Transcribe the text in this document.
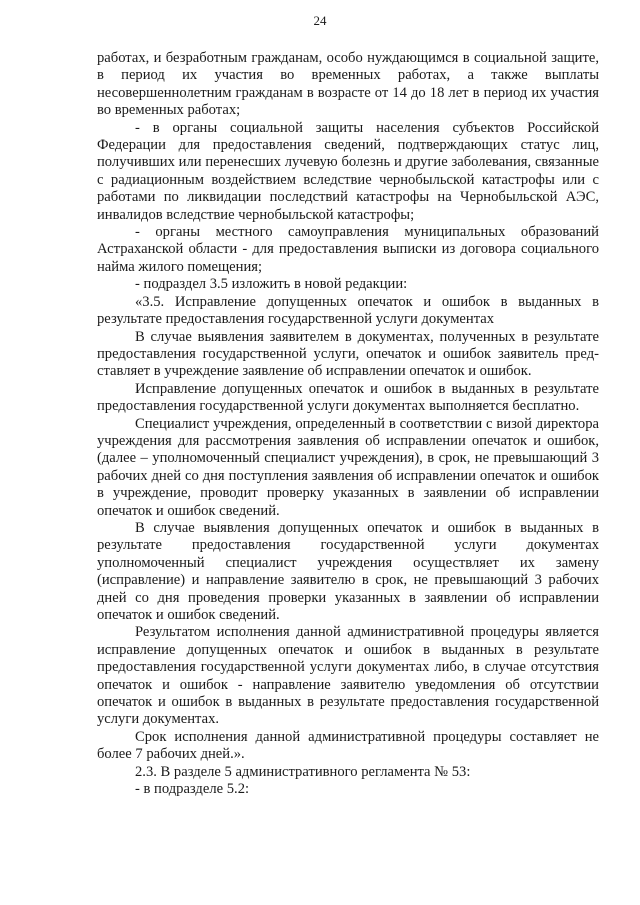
24

работах, и безработным гражданам, особо нуждающимся в социальной защите, в период их участия во временных работах, а также выплаты несовершеннолетним гражданам в возрасте от 14 до 18 лет в период их участия во временных работах;

- в органы социальной защиты населения субъектов Российской Федерации для предоставления сведений, подтверждающих статус лиц, получивших или перенесших лучевую болезнь и другие заболевания, связанные с радиационным воздействием вследствие чернобыльской катастрофы или с работами по ликвидации последствий катастрофы на Чернобыльской АЭС, инвалидов вследствие чернобыльской катастрофы;

- органы местного самоуправления муниципальных образований Астраханской области - для предоставления выписки из договора социального найма жилого помещения;

- подраздел 3.5 изложить в новой редакции:

«3.5. Исправление допущенных опечаток и ошибок в выданных в результате предоставления государственной услуги документах

В случае выявления заявителем в документах, полученных в результате предоставления государственной услуги, опечаток и ошибок заявитель представляет в учреждение заявление об исправлении опечаток и ошибок.

Исправление допущенных опечаток и ошибок в выданных в результате предоставления государственной услуги документах выполняется бесплатно.

Специалист учреждения, определенный в соответствии с визой директора учреждения для рассмотрения заявления об исправлении опечаток и ошибок, (далее – уполномоченный специалист учреждения), в срок, не превышающий 3 рабочих дней со дня поступления заявления об исправлении опечаток и ошибок в учреждение, проводит проверку указанных в заявлении об исправлении опечаток и ошибок сведений.

В случае выявления допущенных опечаток и ошибок в выданных в результате предоставления государственной услуги документах уполномоченный специалист учреждения осуществляет их замену (исправление) и направление заявителю в срок, не превышающий 3 рабочих дней со дня проведения проверки указанных в заявлении об исправлении опечаток и ошибок сведений.

Результатом исполнения данной административной процедуры является исправление допущенных опечаток и ошибок в выданных в результате предоставления государственной услуги документах либо, в случае отсутствия опечаток и ошибок - направление заявителю уведомления об отсутствии опечаток и ошибок в выданных в результате предоставления государственной услуги документах.

Срок исполнения данной административной процедуры составляет не более 7 рабочих дней.».

2.3. В разделе 5 административного регламента № 53:

- в подразделе 5.2:
